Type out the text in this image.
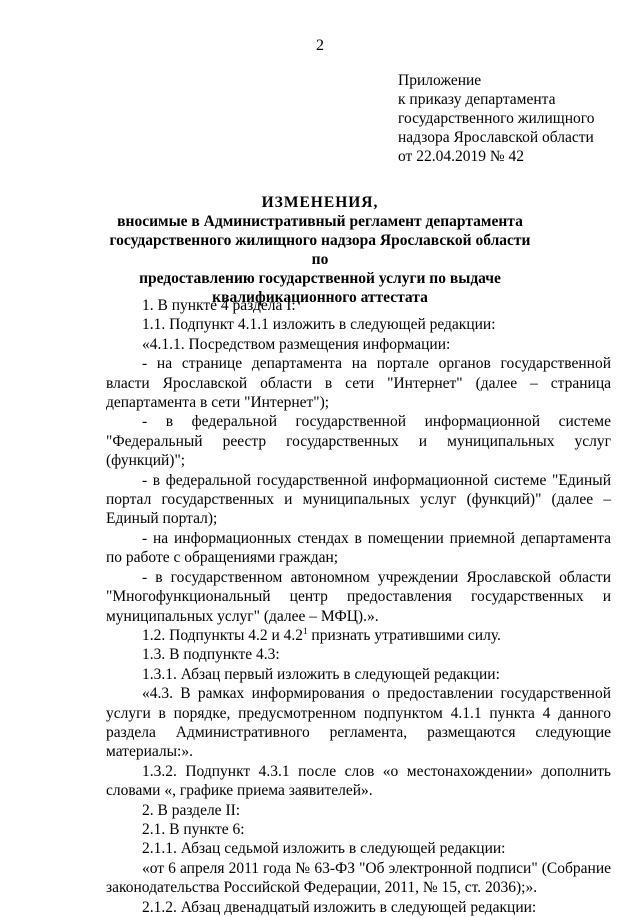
2
Приложение
к приказу департамента
государственного жилищного
надзора Ярославской области
от 22.04.2019 № 42
ИЗМЕНЕНИЯ,
вносимые в Административный регламент департамента
государственного жилищного надзора Ярославской области по
предоставлению государственной услуги по выдаче
квалификационного аттестата

1. В пункте 4 раздела I:

1.1. Подпункт 4.1.1 изложить в следующей редакции:

«4.1.1. Посредством размещения информации:

- на странице департамента на портале органов государственной власти Ярославской области в сети "Интернет" (далее – страница департамента в сети "Интернет");

- в федеральной государственной информационной системе "Федеральный реестр государственных и муниципальных услуг (функций)";

- в федеральной государственной информационной системе "Единый портал государственных и муниципальных услуг (функций)" (далее – Единый портал);

- на информационных стендах в помещении приемной департамента по работе с обращениями граждан;

- в государственном автономном учреждении Ярославской области "Многофункциональный центр предоставления государственных и муниципальных услуг" (далее – МФЦ).».

1.2. Подпункты 4.2 и $4.2^1$ признать утратившими силу.

1.3. В подпункте 4.3:

1.3.1. Абзац первый изложить в следующей редакции:

«4.3. В рамках информирования о предоставлении государственной услуги в порядке, предусмотренном подпунктом 4.1.1 пункта 4 данного раздела Административного регламента, размещаются следующие материалы:».

1.3.2. Подпункт 4.3.1 после слов «о местонахождении» дополнить словами «, графике приема заявителей».

2. В разделе II:

2.1. В пункте 6:

2.1.1. Абзац седьмой изложить в следующей редакции:

«от 6 апреля 2011 года № 63-ФЗ "Об электронной подписи" (Собрание законодательства Российской Федерации, 2011, № 15, ст. 2036);».

2.1.2. Абзац двенадцатый изложить в следующей редакции:
